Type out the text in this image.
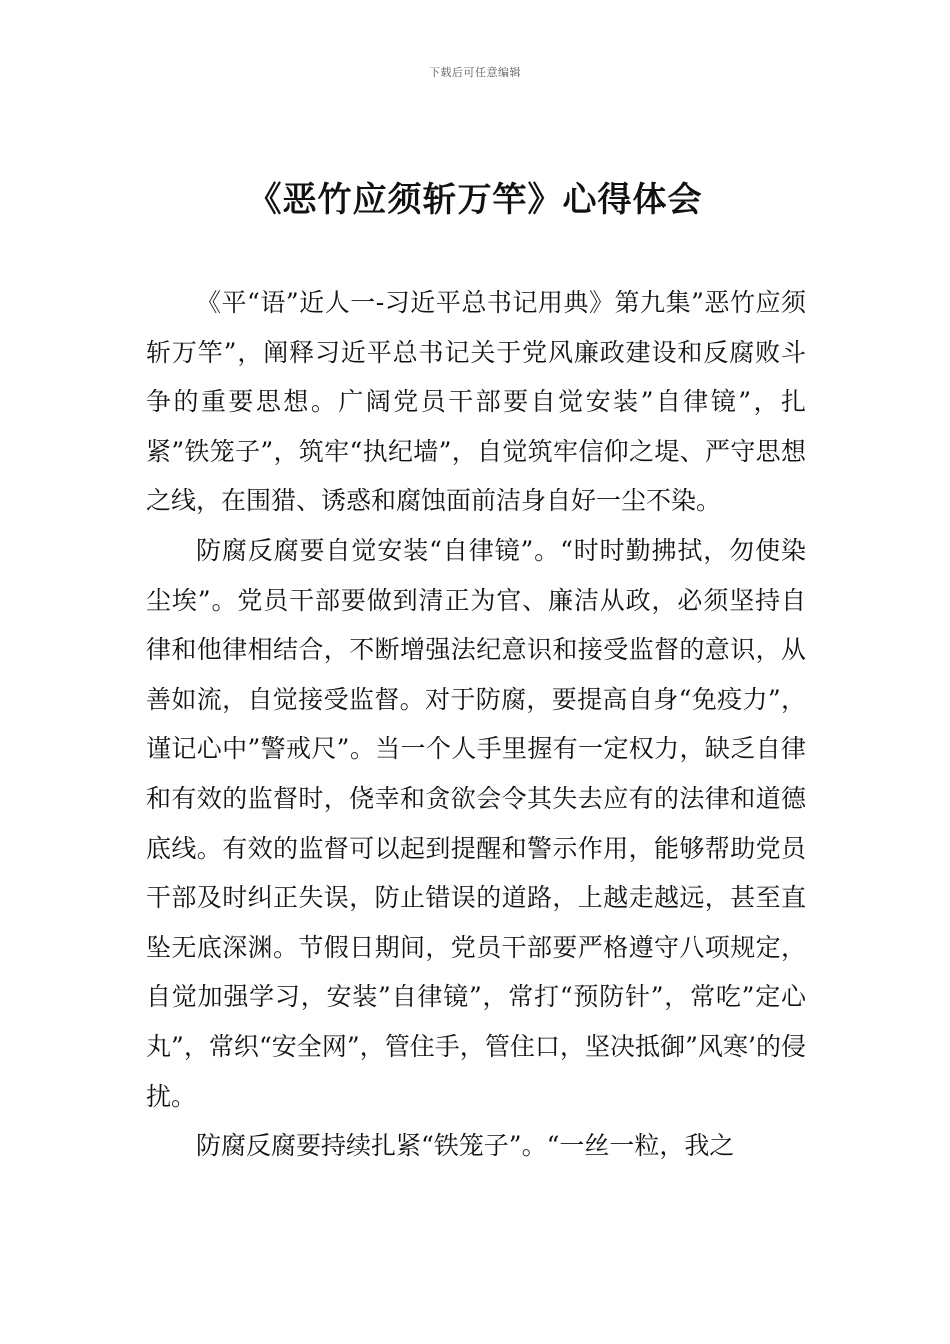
下载后可任意编辑
《恶竹应须斩万竿》心得体会

《平“语”近人一-习近平总书记用典》第九集”恶竹应须斩万竿”，阐释习近平总书记关于党风廉政建设和反腐败斗争的重要思想。广阔党员干部要自觉安装”自律镜”，扎紧”铁笼子”，筑牢“执纪墙”，自觉筑牢信仰之堤、严守思想之线，在围猎、诱惑和腐蚀面前洁身自好一尘不染。

防腐反腐要自觉安装“自律镜”。“时时勤拂拭，勿使染尘埃”。党员干部要做到清正为官、廉洁从政，必须坚持自律和他律相结合，不断增强法纪意识和接受监督的意识，从善如流，自觉接受监督。对于防腐，要提高自身“免疫力”，谨记心中”警戒尺”。当一个人手里握有一定权力，缺乏自律和有效的监督时，侥幸和贪欲会令其失去应有的法律和道德底线。有效的监督可以起到提醒和警示作用，能够帮助党员干部及时纠正失误，防止错误的道路，上越走越远，甚至直坠无底深渊。节假日期间，党员干部要严格遵守八项规定，自觉加强学习，安装”自律镜”，常打“预防针”，常吃”定心丸”，常织“安全网”，管住手，管住口，坚决抵御”风寒’的侵扰。

防腐反腐要持续扎紧“铁笼子”。“一丝一粒，我之
